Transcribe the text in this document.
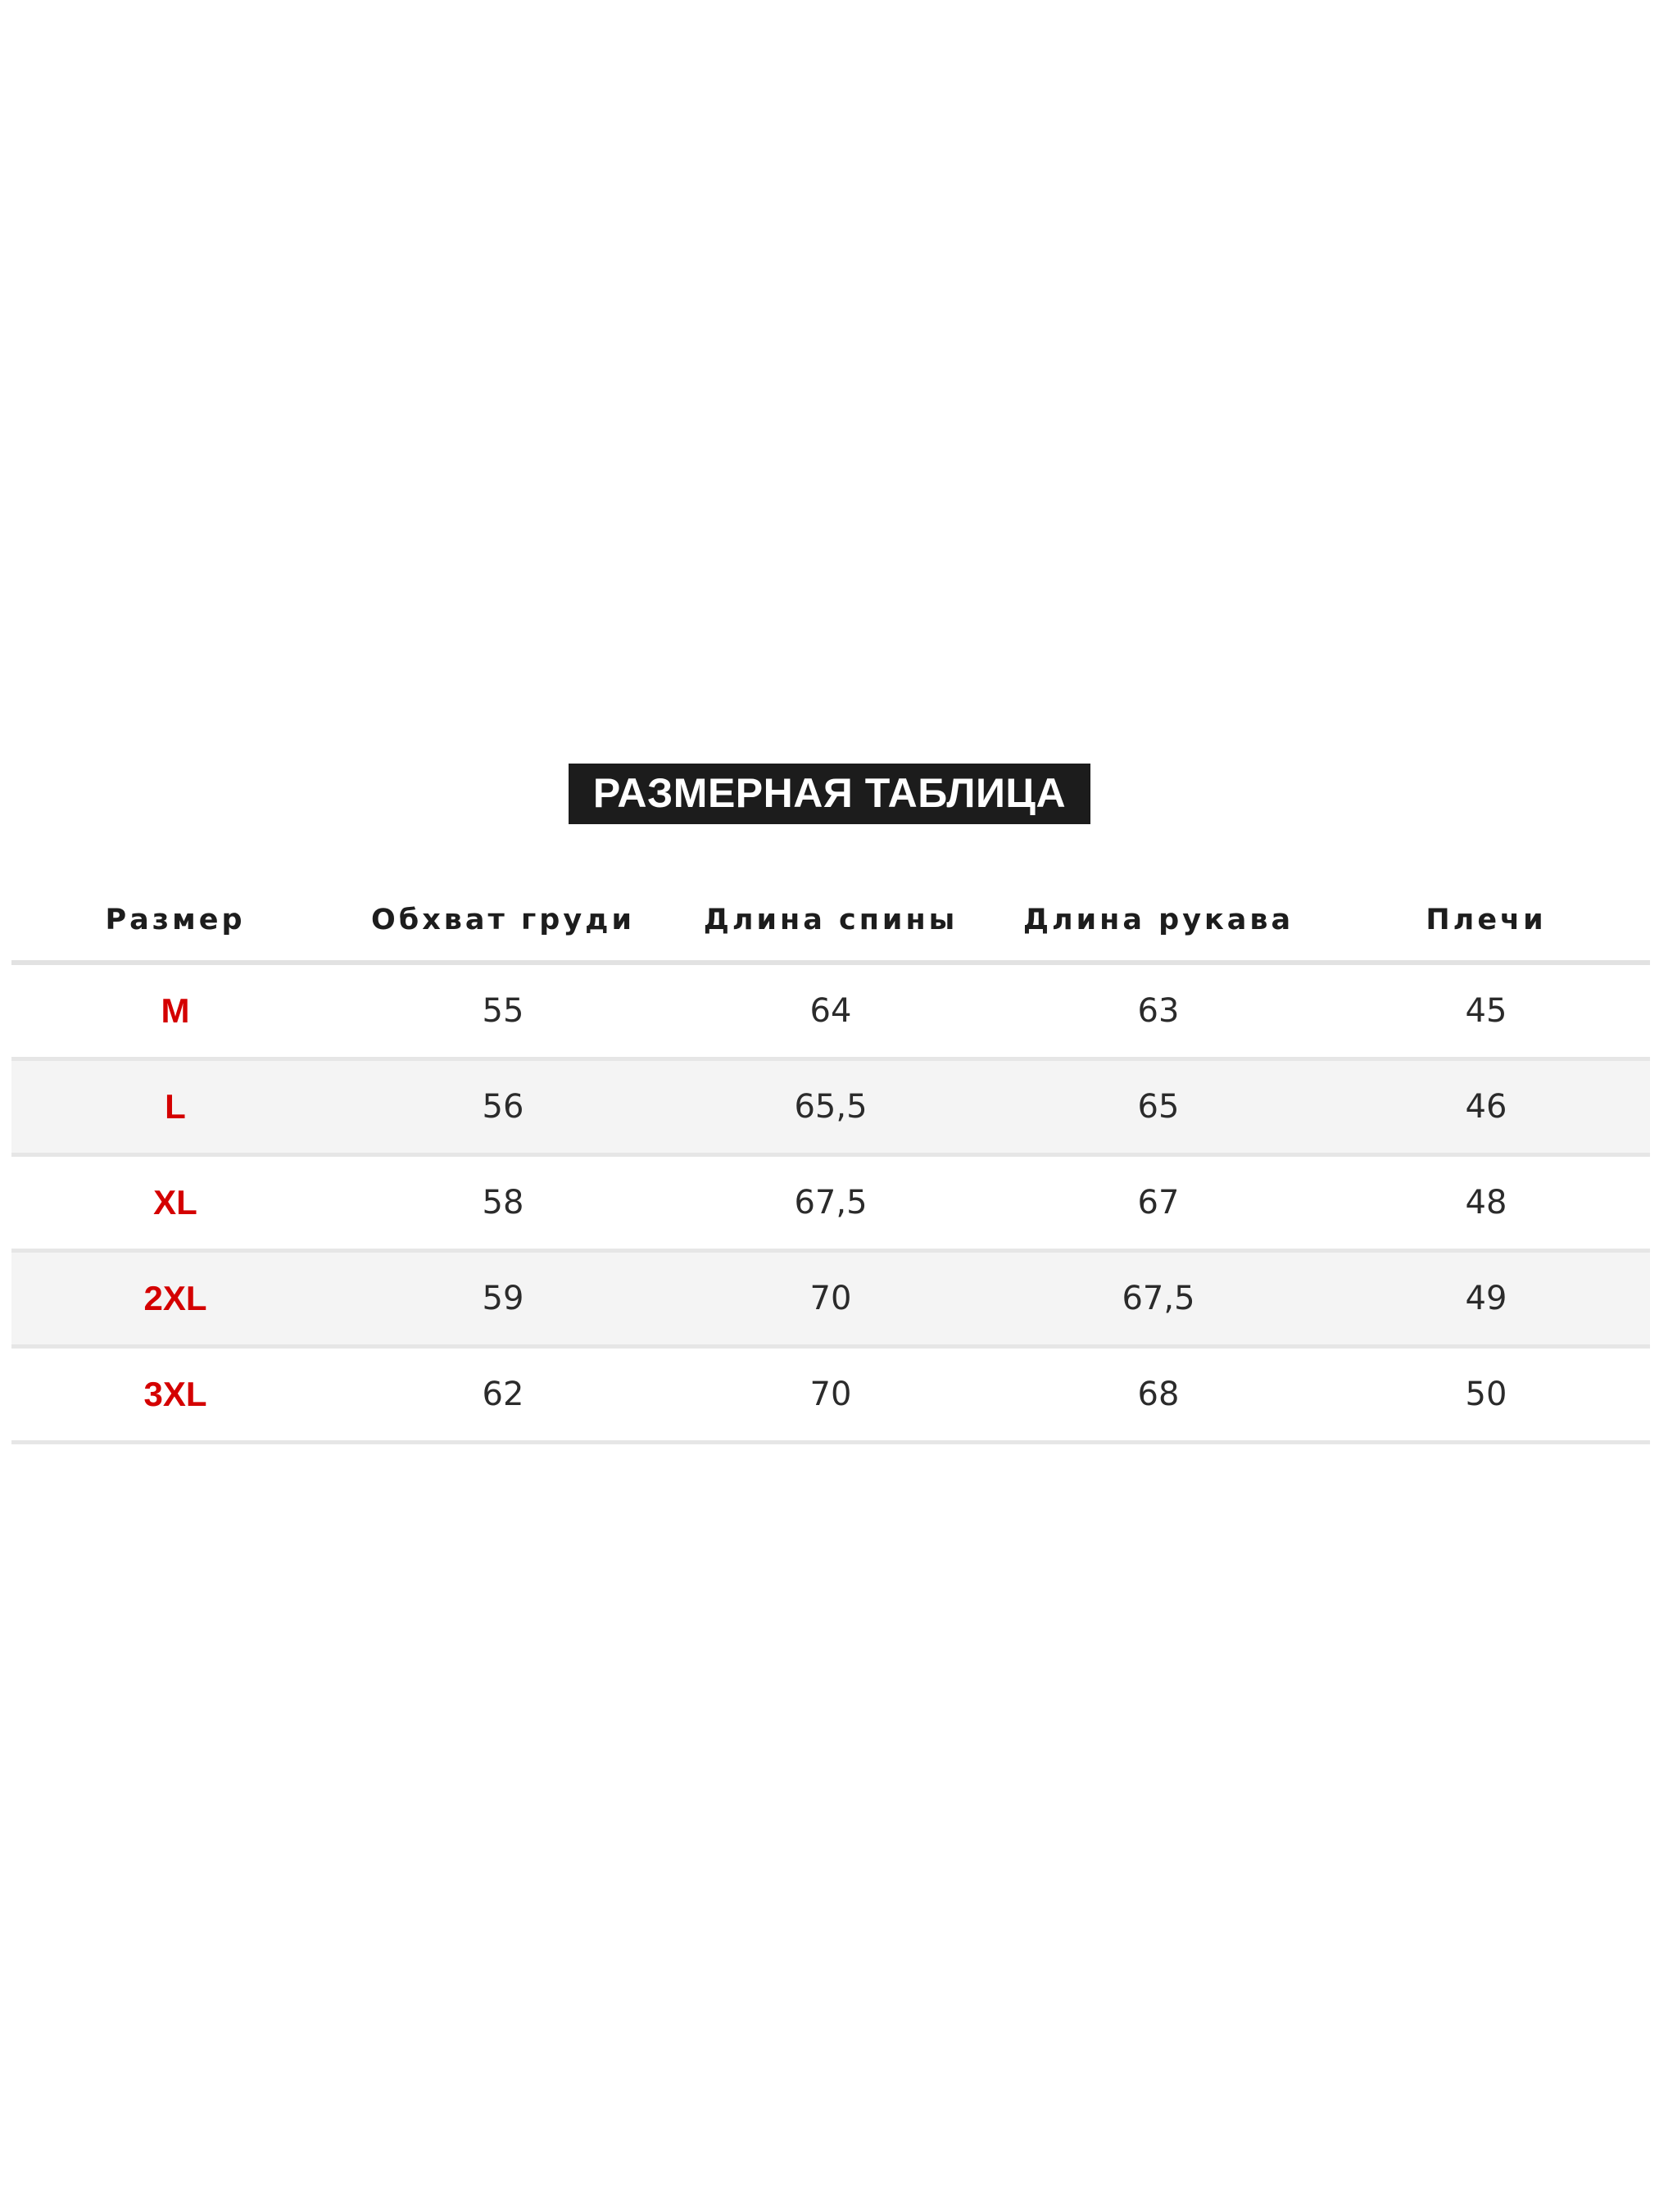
РАЗМЕРНАЯ ТАБЛИЦА
Размер	Обхват груди	Длина спины	Длина рукава	Плечи
M	55	64	63	45
L	56	65,5	65	46
XL	58	67,5	67	48
2XL	59	70	67,5	49
3XL	62	70	68	50
